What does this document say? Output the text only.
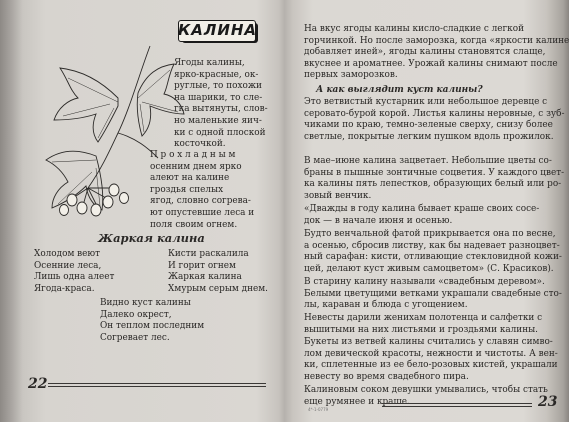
КАЛИНА
Ягоды калины,
ярко-красные, ок-
руглые, то похожи
на шарики, то сле-
гка вытянуты, слов-
но маленькие яич-
ки с одной плоской
косточкой.
П р о х л а д н ы м
осенним днем ярко
алеют на калине
гроздья спелых
ягод, словно согрева-
ют опустевшие леса и
поля своим огнем.
Жаркая калина
Холодом веют
Осенние леса,
Лишь одна алеет
Ягода-краса.
Кисти раскалила
И горит огнем
Жаркая калина
Хмурым серым днем.
Видно куст калины
Далеко окрест,
Он теплом последним
Согревает лес.
22
На вкус ягоды калины кисло-сладкие с легкой
горчинкой. Но после заморозка, когда «яркости калине
добавляет иней», ягоды калины становятся слаще,
вкуснее и ароматнее. Урожай калины снимают после
первых заморозков.
А как выглядит куст калины?
Это ветвистый кустарник или небольшое деревце с
серовато-бурой корой. Листья калины неровные, с зуб-
чиками по краю, темно-зеленые сверху, снизу более
светлые, покрытые легким пушком вдоль прожилок.
В мае–июне калина зацветает. Небольшие цветы со-
браны в пышные зонтичные соцветия. У каждого цвет-
ка калины пять лепестков, образующих белый или ро-
зовый венчик.
«Дважды в году калина бывает краше своих сосе-
док — в начале июня и осенью.
Будто венчальной фатой прикрывается она по весне,
а осенью, сбросив листву, как бы надевает разноцвет-
ный сарафан: кисти, отливающие стекловидной кожи-
цей, делают куст живым самоцветом» (С. Красиков).
В старину калину называли «свадебным деревом».
Белыми цветущими ветками украшали свадебные сто-
лы, караван и блюда с угощением.
Невесты дарили женихам полотенца и салфетки с
вышитыми на них листьями и гроздьями калины.
Букеты из ветвей калины считались у славян симво-
лом девической красоты, нежности и чистоты. А вен-
ки, сплетенные из ее бело-розовых кистей, украшали
невесту во время свадебного пира.
Калиновым соком девушки умывались, чтобы стать
еще румянее и краше.	23
4*-1-0779
